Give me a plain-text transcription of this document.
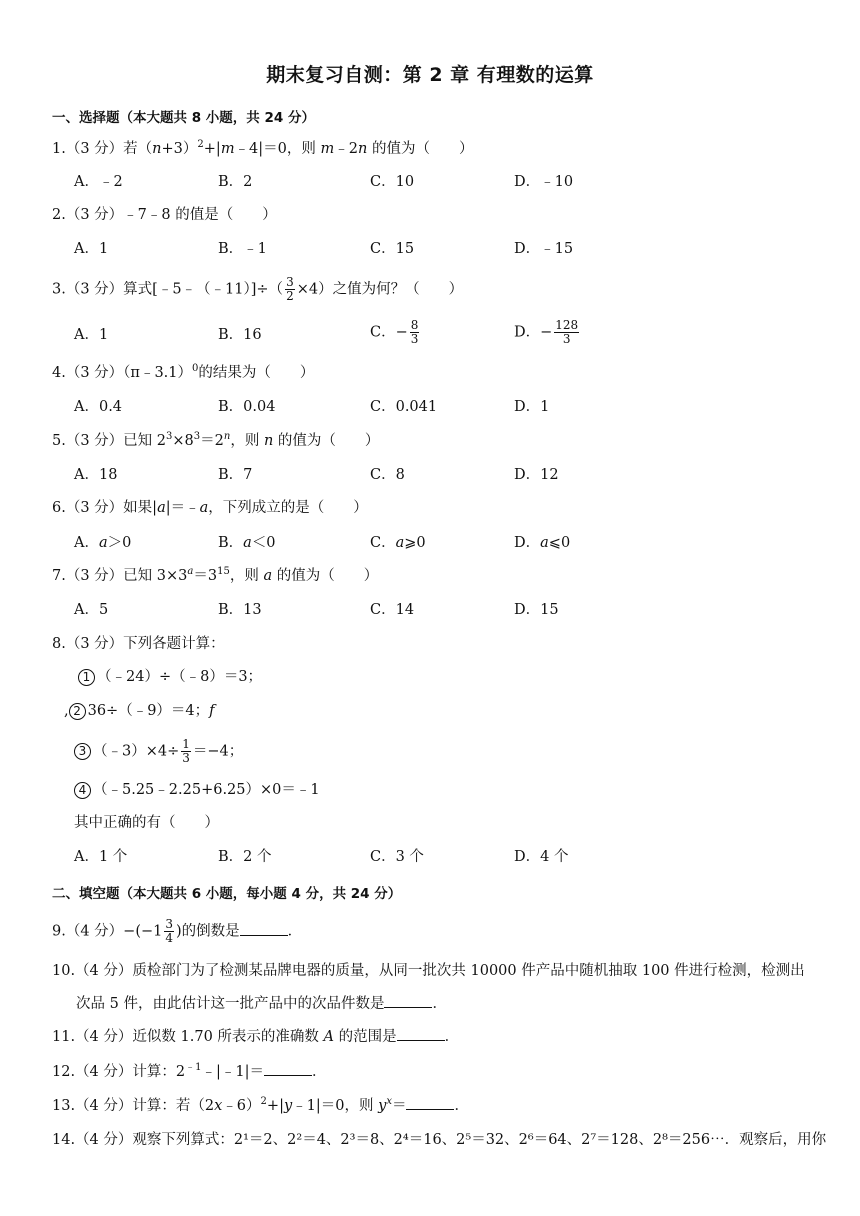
期末复习自测：第 2 章 有理数的运算
一、选择题（本大题共 8 小题，共 24 分）
1.（3 分）若$(n+3)^2+|m﹣4|=0$，则 m﹣2n 的值为（　　）
A．﹣2	B．2	C．10	D．﹣10
2.（3 分）﹣7﹣8 的值是（　　）
A．1	B．﹣1	C．15	D．﹣15
3.（3 分）算式[﹣5﹣（﹣11）]÷（ $\frac{3}{2} \times 4$）之值为何？（　　）
A．1	B．16	C．− $\frac{8}{3}$	D．− $\frac{128}{3}$
4.（3 分）（π﹣3.1）$^0$的结果为（　　）
A．0.4	B．0.04	C．0.041	D．1
5.（3 分）已知 $2^3\times 8^3=2^n$，则 n 的值为（　　）
A．18	B．7	C．8	D．12
6.（3 分）如果|a|＝﹣a，下列成立的是（　　）
A．a＞0	B．a＜0	C．a⩾0	D．a⩽0
7.（3 分）已知 $3\times 3^a=3^{15}$，则 a 的值为（　　）
A．5	B．13	C．14	D．15
8.（3 分）下列各题计算：
1 （﹣24）÷（﹣8）＝3；
, 2 36÷（﹣9）＝4；f
3 （﹣3）×4÷ $\frac{1}{3} =-4$；
4 （﹣5.25﹣2.25+6.25）×0＝﹣1
其中正确的有（　　）
A．1 个	B．2 个	C．3 个	D．4 个
二、填空题（本大题共 6 小题，每小题 4 分，共 24 分）
9.（4 分）$-(-1 \frac{3}{4}$ )的倒数是	．
10.（4 分）质检部门为了检测某品牌电器的质量，从同一批次共 10000 件产品中随机抽取 100 件进行检测，检测出
次品 5 件，由此估计这一批产品中的次品件数是	．
11.（4 分）近似数 1.70 所表示的准确数 A 的范围是	．
12.（4 分）计算：$2^{﹣1}﹣|﹣1|=$	．
13.（4 分）计算：若（2x﹣6）$^2$+|y﹣1|＝0，则 $y^x=$	．
14.（4 分）观察下列算式：2¹＝2、2²＝4、2³＝8、2⁴＝16、2⁵＝32、2⁶＝64、2⁷＝128、2⁸＝256⋯．观察后，用你
